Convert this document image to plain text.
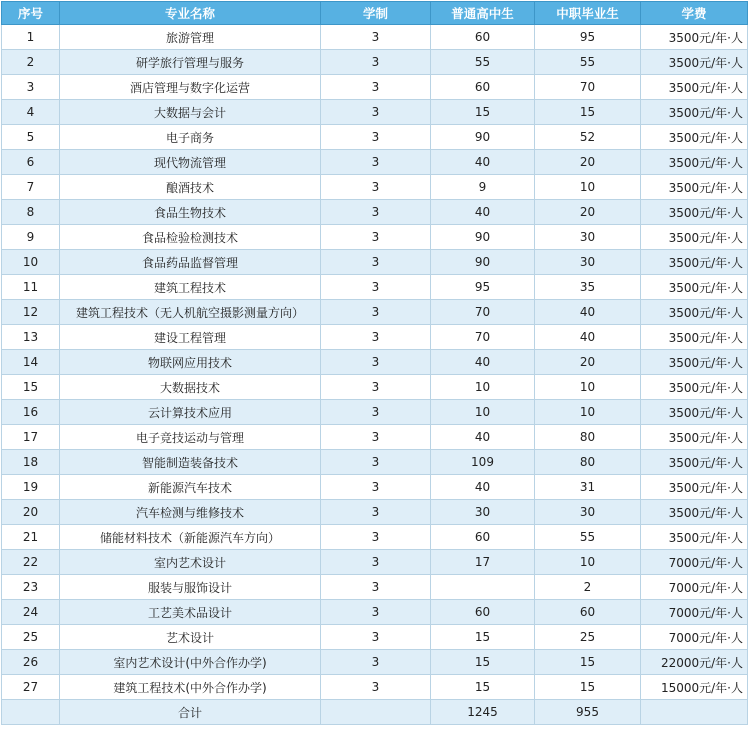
序号	专业名称	学制	普通高中生	中职毕业生	学费
1	旅游管理	3	60	95	3500元/年·人
2	研学旅行管理与服务	3	55	55	3500元/年·人
3	酒店管理与数字化运营	3	60	70	3500元/年·人
4	大数据与会计	3	15	15	3500元/年·人
5	电子商务	3	90	52	3500元/年·人
6	现代物流管理	3	40	20	3500元/年·人
7	酿酒技术	3	9	10	3500元/年·人
8	食品生物技术	3	40	20	3500元/年·人
9	食品检验检测技术	3	90	30	3500元/年·人
10	食品药品监督管理	3	90	30	3500元/年·人
11	建筑工程技术	3	95	35	3500元/年·人
12	建筑工程技术（无人机航空摄影测量方向）	3	70	40	3500元/年·人
13	建设工程管理	3	70	40	3500元/年·人
14	物联网应用技术	3	40	20	3500元/年·人
15	大数据技术	3	10	10	3500元/年·人
16	云计算技术应用	3	10	10	3500元/年·人
17	电子竞技运动与管理	3	40	80	3500元/年·人
18	智能制造装备技术	3	109	80	3500元/年·人
19	新能源汽车技术	3	40	31	3500元/年·人
20	汽车检测与维修技术	3	30	30	3500元/年·人
21	储能材料技术（新能源汽车方向）	3	60	55	3500元/年·人
22	室内艺术设计	3	17	10	7000元/年·人
23	服装与服饰设计	3		2	7000元/年·人
24	工艺美术品设计	3	60	60	7000元/年·人
25	艺术设计	3	15	25	7000元/年·人
26	室内艺术设计(中外合作办学)	3	15	15	22000元/年·人
27	建筑工程技术(中外合作办学)	3	15	15	15000元/年·人
	合计		1245	955	
